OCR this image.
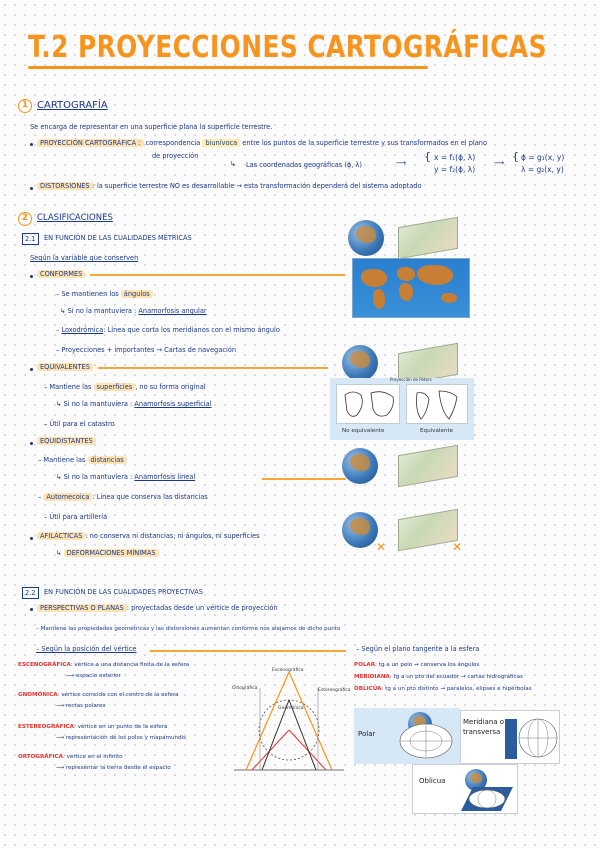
T.2 PROYECCIONES CARTOGRÁFICAS
1 CARTOGRAFÍA
Se encarga de representar en una superficie plana la superficie terrestre.
PROYECCIÓN CARTOGRÁFICA : correspondencia biunívoca entre los puntos de la superficie terrestre y sus transformados en el plano
de proyección
↳ Las coordenadas geográficas (ϕ, λ)	⟶ { x = f₁(ϕ, λ)
y = f₂(ϕ, λ)
⟶ { ϕ = g₁(x, y)
λ = g₂(x, y)
DISTORSIONES : la superficie terrestre NO es desarrollable → esta transformación dependerá del sistema adoptado
2	CLASIFICACIONES
2.1	EN FUNCIÓN DE LAS CUALIDADES MÉTRICAS
Según la variable que conserven
CONFORMES
– Se mantienen los ángulos
↳ Si no la mantuviera : Anamorfosis angular
– Loxodrómica: Línea que corta los meridianos con el mismo ángulo
– Proyecciones + importantes → Cartas de navegación
EQUIVALENTES
– Mantiene las superficies , no su forma original
↳ Si no la mantuviera : Anamorfosis superficial
– Útil para el catastro
EQUIDISTANTES
– Mantiene las distancias
↳ Si no la mantuviera : Anamorfosis lineal
– Automecoica : Línea que conserva las distancias
– Útil para artillería
AFILÁCTICAS : no conserva ni distancias, ni ángulos, ni superficies
↳ DEFORMACIONES MÍNIMAS
No equivalente	Equivalente
Proyección de Peters
✕	✕
2.2	EN FUNCIÓN DE LAS CUALIDADES PROYECTIVAS
PERSPECTIVAS O PLANAS : proyectadas desde un vértice de proyección
– Mantiene las propiedades geométricas y las distorsiones aumentan conforme nos alejamos de dicho punto
– Según la posición del vértice	– Según el plano tangente a la esfera
ESCENOGRÁFICA: vértice a una distancia finita de la esfera
⟶ espacio exterior
GNOMÓNICA: vértice coincide con el centro de la esfera
⟶ rectas polares
ESTEREOGRÁFICA: vértice en un punto de la esfera
⟶ representación de los polos y mapamundis
ORTOGRÁFICA: vértice en el infinito
⟶ representar la tierra desde el espacio
Ortográfica
Escenográfica
Gnomónica
Estereográfica
POLAR: tg a un polo → conserva los ángulos
MERIDIANA: tg a un pto del ecuador → cartas hidrográficas
OBLICUA: tg a un pto distinto → paralelos, elipses e hipérbolas
Polar
Meridiana o transversa
Oblicua
